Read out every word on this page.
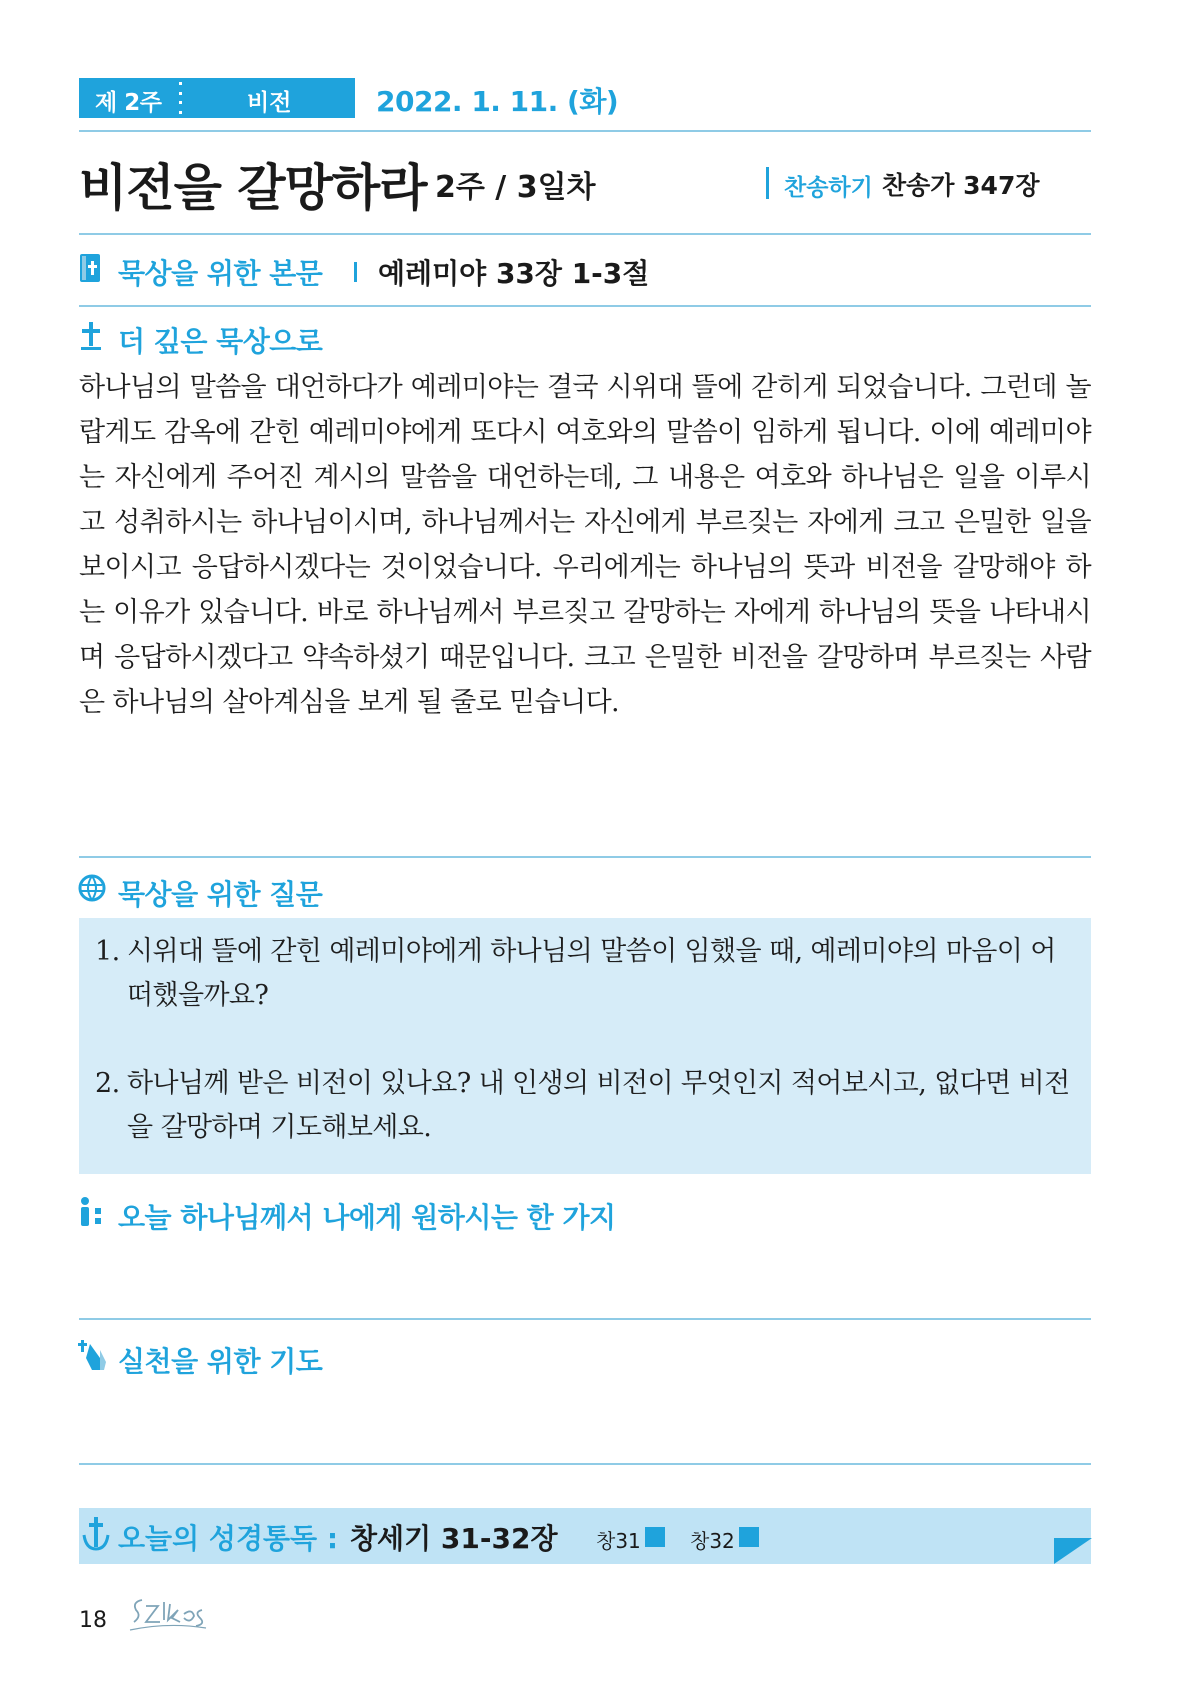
제 2주	비전	2022. 1. 11. (화)
비전을 갈망하라 2주 / 3일차	찬송하기 찬송가 347장
묵상을 위한 본문 예레미야 33장 1-3절
더 깊은 묵상으로
하나님의 말씀을 대언하다가 예레미야는 결국 시위대 뜰에 갇히게 되었습니다. 그런데 놀랍게도 감옥에 갇힌 예레미야에게 또다시 여호와의 말씀이 임하게 됩니다. 이에 예레미야는 자신에게 주어진 계시의 말씀을 대언하는데, 그 내용은 여호와 하나님은 일을 이루시고 성취하시는 하나님이시며, 하나님께서는 자신에게 부르짖는 자에게 크고 은밀한 일을 보이시고 응답하시겠다는 것이었습니다. 우리에게는 하나님의 뜻과 비전을 갈망해야 하는 이유가 있습니다. 바로 하나님께서 부르짖고 갈망하는 자에게 하나님의 뜻을 나타내시며 응답하시겠다고 약속하셨기 때문입니다. 크고 은밀한 비전을 갈망하며 부르짖는 사람은 하나님의 살아계심을 보게 될 줄로 믿습니다.
묵상을 위한 질문
1. 시위대 뜰에 갇힌 예레미야에게 하나님의 말씀이 임했을 때, 예레미야의 마음이 어떠했을까요?
2. 하나님께 받은 비전이 있나요? 내 인생의 비전이 무엇인지 적어보시고, 없다면 비전을 갈망하며 기도해보세요.
오늘 하나님께서 나에게 원하시는 한 가지
실천을 위한 기도
오늘의 성경통독 : 창세기 31-32장 창31 창32
18
